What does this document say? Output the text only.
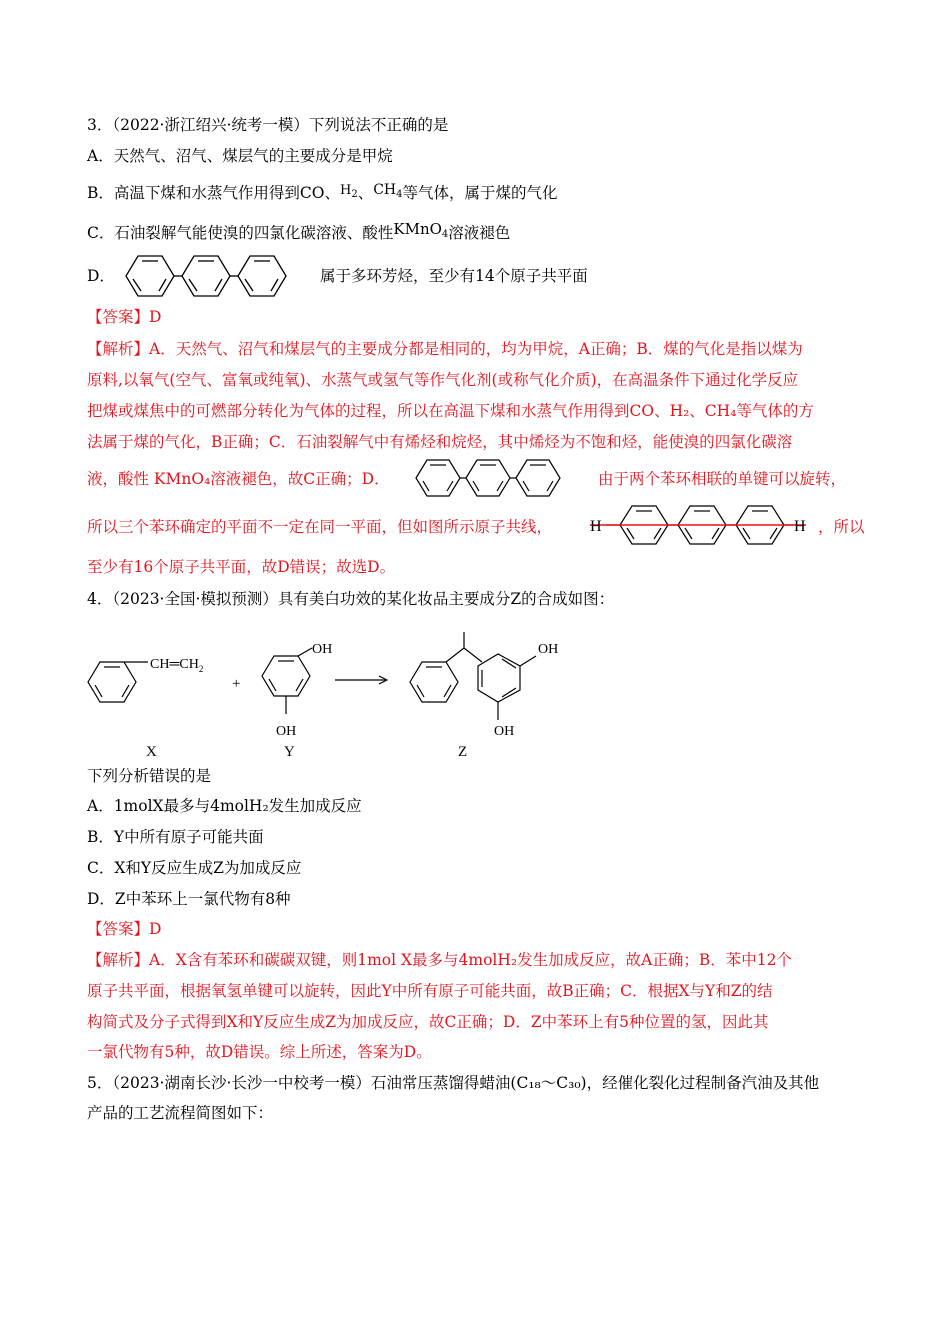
3．（2022·浙江绍兴·统考一模）下列说法不正确的是
A．天然气、沼气、煤层气的主要成分是甲烷
B．高温下煤和水蒸气作用得到CO、$^{H_2}$、$CH_4$等气体，属于煤的气化
C．石油裂解气能使溴的四氯化碳溶液、酸性KMnO$_4$溶液褪色
D．	属于多环芳烃，至少有14个原子共平面
【答案】D
【解析】A．天然气、沼气和煤层气的主要成分都是相同的，均为甲烷，A正确；B．煤的气化是指以煤为
原料,以氧气(空气、富氧或纯氧)、水蒸气或氢气等作气化剂(或称气化介质)，在高温条件下通过化学反应
把煤或煤焦中的可燃部分转化为气体的过程，所以在高温下煤和水蒸气作用得到CO、H₂、CH₄等气体的方
法属于煤的气化，B正确；C．石油裂解气中有烯烃和烷烃，其中烯烃为不饱和烃，能使溴的四氯化碳溶
液，酸性 KMnO₄溶液褪色，故C正确；D．	由于两个苯环相联的单键可以旋转，
所以三个苯环确定的平面不一定在同一平面，但如图所示原子共线， H	H ，所以
至少有16个原子共平面，故D错误；故选D。
4．（2023·全国·模拟预测）具有美白功效的某化妆品主要成分Z的合成如图：
$CH═CH_2$
+
OH
OH
OH
OH
X	Y	Z
下列分析错误的是
A．1molX最多与4molH₂发生加成反应
B．Y中所有原子可能共面
C．X和Y反应生成Z为加成反应
D．Z中苯环上一氯代物有8种
【答案】D
【解析】A．X含有苯环和碳碳双键，则1mol X最多与4molH₂发生加成反应，故A正确；B．苯中12个
原子共平面，根据氧氢单键可以旋转，因此Y中所有原子可能共面，故B正确；C．根据X与Y和Z的结
构简式及分子式得到X和Y反应生成Z为加成反应，故C正确；D．Z中苯环上有5种位置的氢，因此其
一氯代物有5种，故D错误。综上所述，答案为D。
5．（2023·湖南长沙·长沙一中校考一模）石油常压蒸馏得蜡油(C₁₈～C₃₀)，经催化裂化过程制备汽油及其他
产品的工艺流程简图如下：
